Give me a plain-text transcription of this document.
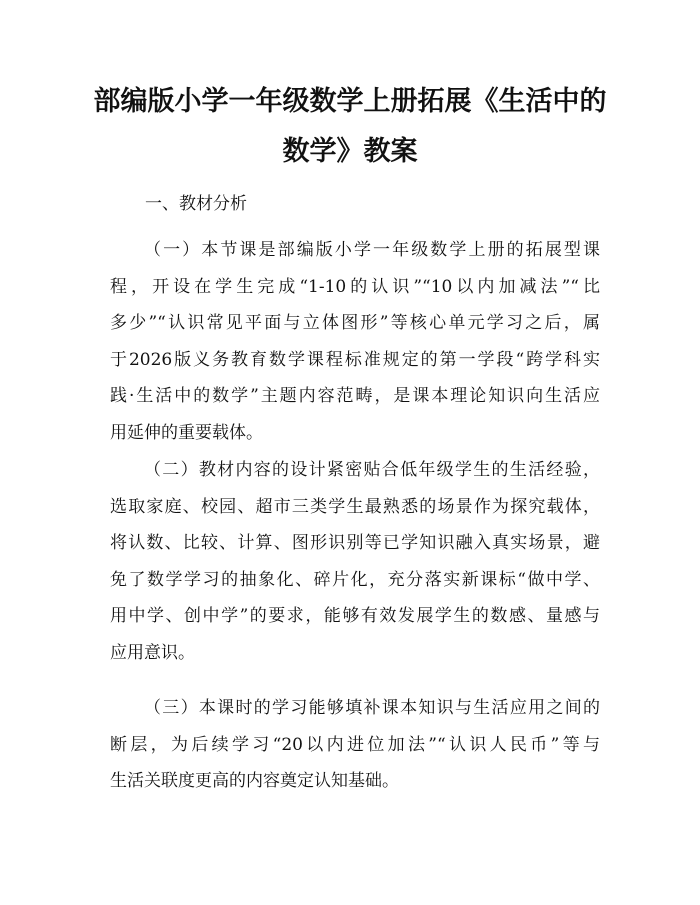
部编版小学一年级数学上册拓展《生活中的
数学》教案

一、教材分析

（一）本节课是部编版小学一年级数学上册的拓展型课
程，开设在学生完成“1-10的认识”“10以内加减法”“比
多少”“认识常见平面与立体图形”等核心单元学习之后，属
于2026版义务教育数学课程标准规定的第一学段“跨学科实
践·生活中的数学”主题内容范畴，是课本理论知识向生活应
用延伸的重要载体。
（二）教材内容的设计紧密贴合低年级学生的生活经验，
选取家庭、校园、超市三类学生最熟悉的场景作为探究载体，
将认数、比较、计算、图形识别等已学知识融入真实场景，避
免了数学学习的抽象化、碎片化，充分落实新课标“做中学、
用中学、创中学”的要求，能够有效发展学生的数感、量感与
应用意识。
（三）本课时的学习能够填补课本知识与生活应用之间的
断层，为后续学习“20以内进位加法”“认识人民币”等与
生活关联度更高的内容奠定认知基础。
